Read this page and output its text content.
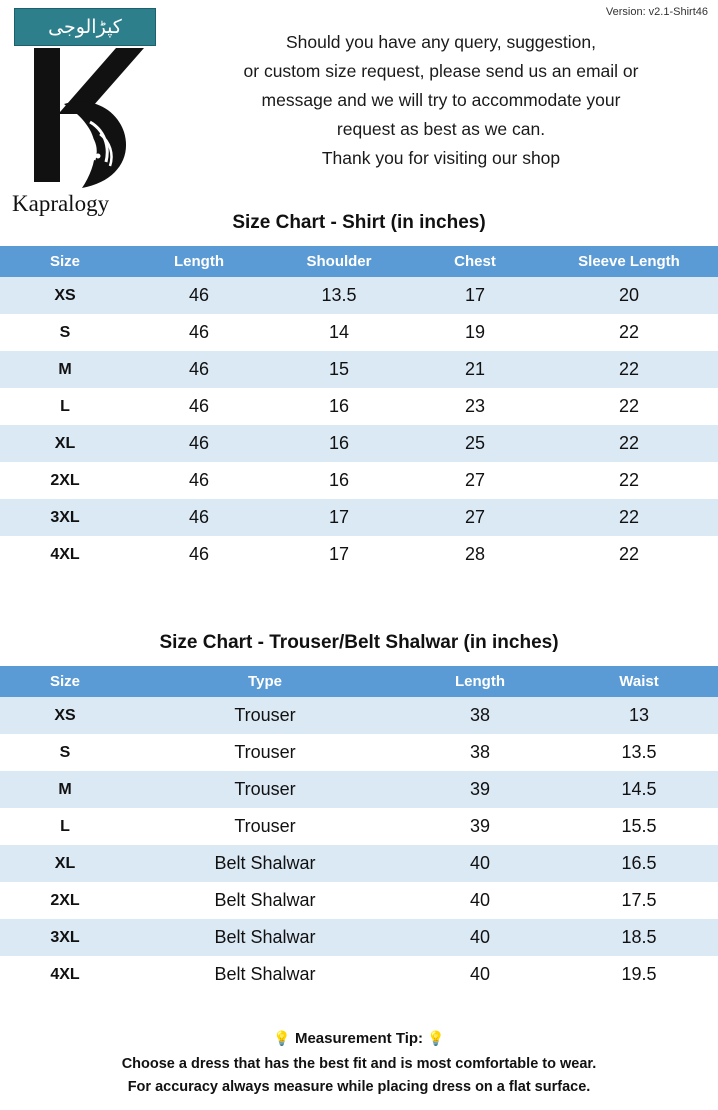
Version: v2.1-Shirt46
کپڑالوجی
Kapralogy
Should you have any query, suggestion,
or custom size request, please send us an email or
message and we will try to accommodate your
request as best as we can.
Thank you for visiting our shop
Size Chart - Shirt (in inches)
Size	Length	Shoulder	Chest	Sleeve Length
XS	46	13.5	17	20
S	46	14	19	22
M	46	15	21	22
L	46	16	23	22
XL	46	16	25	22
2XL	46	16	27	22
3XL	46	17	27	22
4XL	46	17	28	22
Size Chart - Trouser/Belt Shalwar (in inches)
Size	Type	Length	Waist
XS	Trouser	38	13
S	Trouser	38	13.5
M	Trouser	39	14.5
L	Trouser	39	15.5
XL	Belt Shalwar	40	16.5
2XL	Belt Shalwar	40	17.5
3XL	Belt Shalwar	40	18.5
4XL	Belt Shalwar	40	19.5
💡 Measurement Tip: 💡
Choose a dress that has the best fit and is most comfortable to wear.
For accuracy always measure while placing dress on a flat surface.
